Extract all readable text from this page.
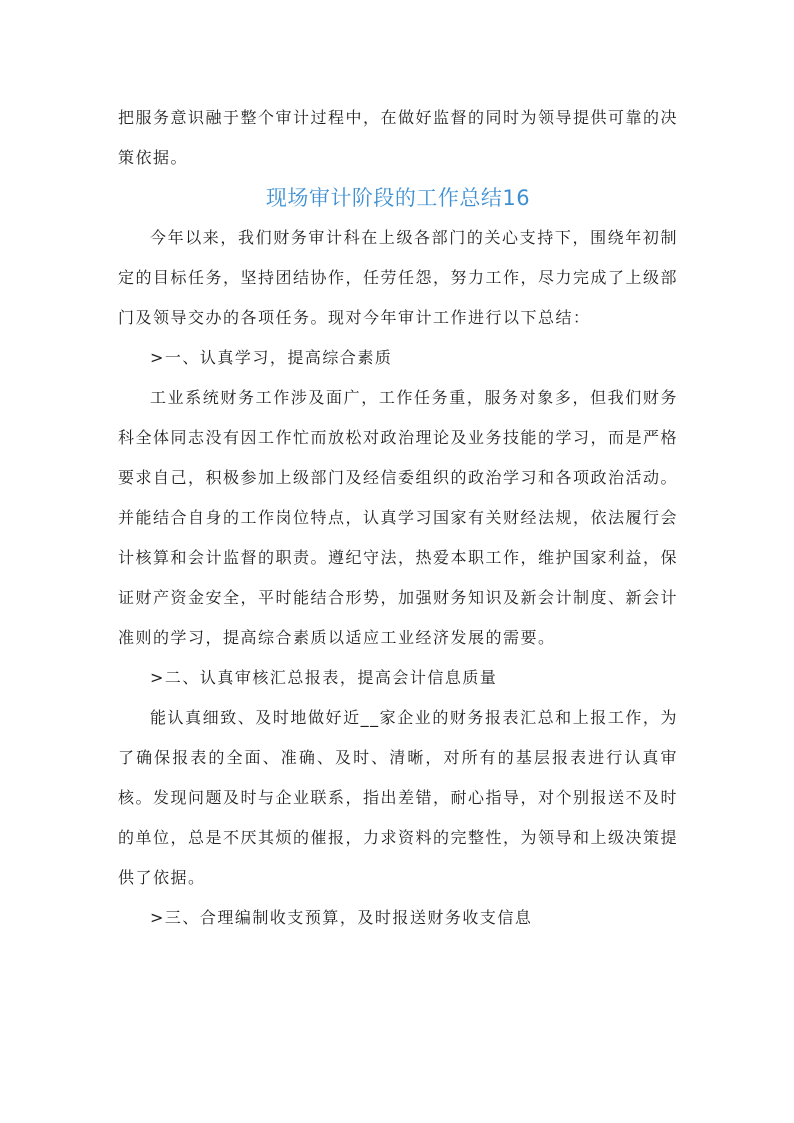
把服务意识融于整个审计过程中，在做好监督的同时为领导提供可靠的决策依据。

现场审计阶段的工作总结16

今年以来，我们财务审计科在上级各部门的关心支持下，围绕年初制定的目标任务，坚持团结协作，任劳任怨，努力工作，尽力完成了上级部门及领导交办的各项任务。现对今年审计工作进行以下总结：

>一、认真学习，提高综合素质

工业系统财务工作涉及面广，工作任务重，服务对象多，但我们财务科全体同志没有因工作忙而放松对政治理论及业务技能的学习，而是严格要求自己，积极参加上级部门及经信委组织的政治学习和各项政治活动。并能结合自身的工作岗位特点，认真学习国家有关财经法规，依法履行会计核算和会计监督的职责。遵纪守法，热爱本职工作，维护国家利益，保证财产资金安全，平时能结合形势，加强财务知识及新会计制度、新会计准则的学习，提高综合素质以适应工业经济发展的需要。

>二、认真审核汇总报表，提高会计信息质量

能认真细致、及时地做好近__家企业的财务报表汇总和上报工作，为了确保报表的全面、准确、及时、清晰，对所有的基层报表进行认真审核。发现问题及时与企业联系，指出差错，耐心指导，对个别报送不及时的单位，总是不厌其烦的催报，力求资料的完整性，为领导和上级决策提供了依据。

>三、合理编制收支预算，及时报送财务收支信息
